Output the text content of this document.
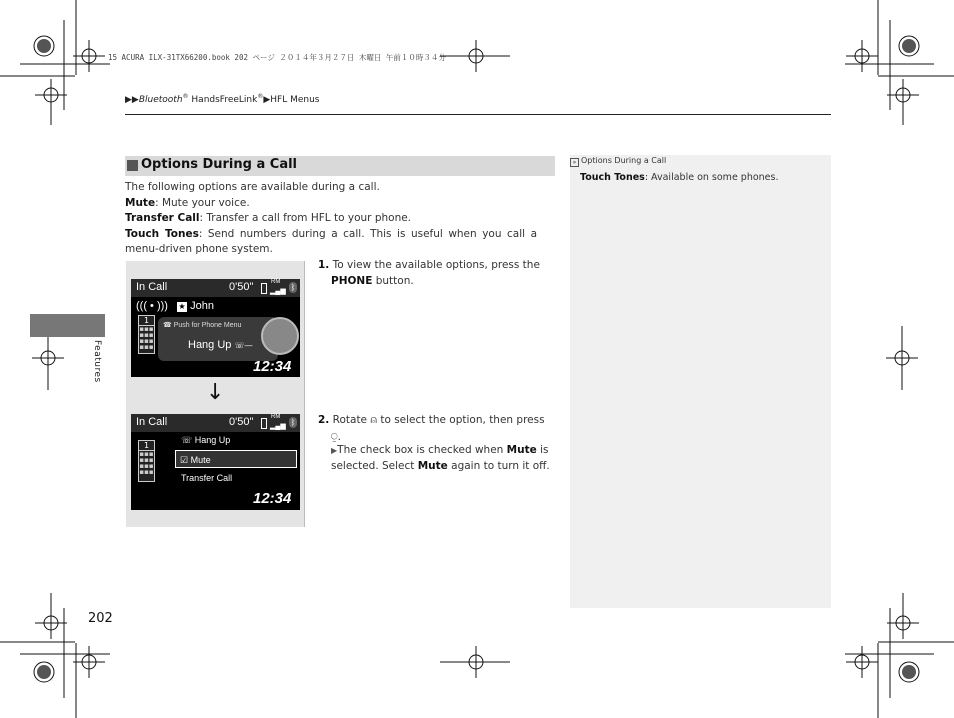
15 ACURA ILX-31TX66200.book 202 ページ ２０１４年３月２７日 木曜日 午前１０時３４分
▶▶Bluetooth® HandsFreeLink®▶HFL Menus
Features
Options During a Call
The following options are available during a call.
Mute: Mute your voice.
Transfer Call: Transfer a call from HFL to your phone.
Touch Tones: Send numbers during a call. This is useful when you call a menu-driven phone system.
In Call	0'50"	RM
▂▄▆ ᛒ
((( • ))) ★ John
1
▪▪▪
▪▪▪
▪▪▪
▪▪▪
☎ Push for Phone Menu
Hang Up ☏—
12:34
↓
In Call	0'50"	RM
▂▄▆ ᛒ
1
▪▪▪
▪▪▪
▪▪▪
▪▪▪
☏ Hang Up
☑ Mute
Transfer Call
12:34
1. To view the available options, press the
PHONE button.
2. Rotate ⍝ to select the option, then press
⍜.
▶The check box is checked when Mute is selected. Select Mute again to turn it off.
» Options During a Call
Touch Tones: Available on some phones.
202
